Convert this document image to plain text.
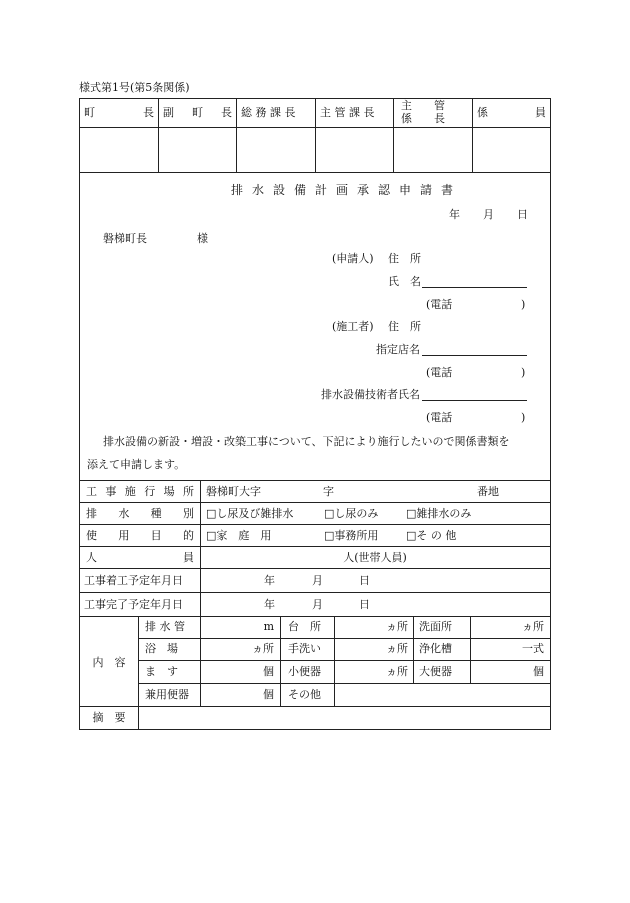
様式第1号(第5条関係)
町　　　長 副　町　長 総 務 課 長	主 管 課 長
主　　管
係　　長	係　　　員
排水設備計画承認申請書
年 月 日
磐梯町長	様
(申請人) 住　所
氏　名
(電話	)
(施工者) 住　所
指定店名
(電話	)
排水設備技術者氏名
(電話	)
排水設備の新設・増設・改築工事について、下記により施行したいので関係書類を
添えて申請します。
工事施行場所 磐梯町大字	字	番地
排水種別 □し尿及び雑排水	□し尿のみ	□雑排水のみ
使用目的 □家　庭　用	□事務所用	□そ の 他
人員	人(世帯人員)
工事着工予定年月日	年	月	日
工事完了予定年月日	年	月	日
内　容
排 水 管	m 台　所	ヵ所 洗面所	ヵ所
浴　場	ヵ所 手洗い	ヵ所 浄化槽	一式
ま　す	個 小便器	ヵ所 大便器	個
兼用便器	個 その他
摘　要
